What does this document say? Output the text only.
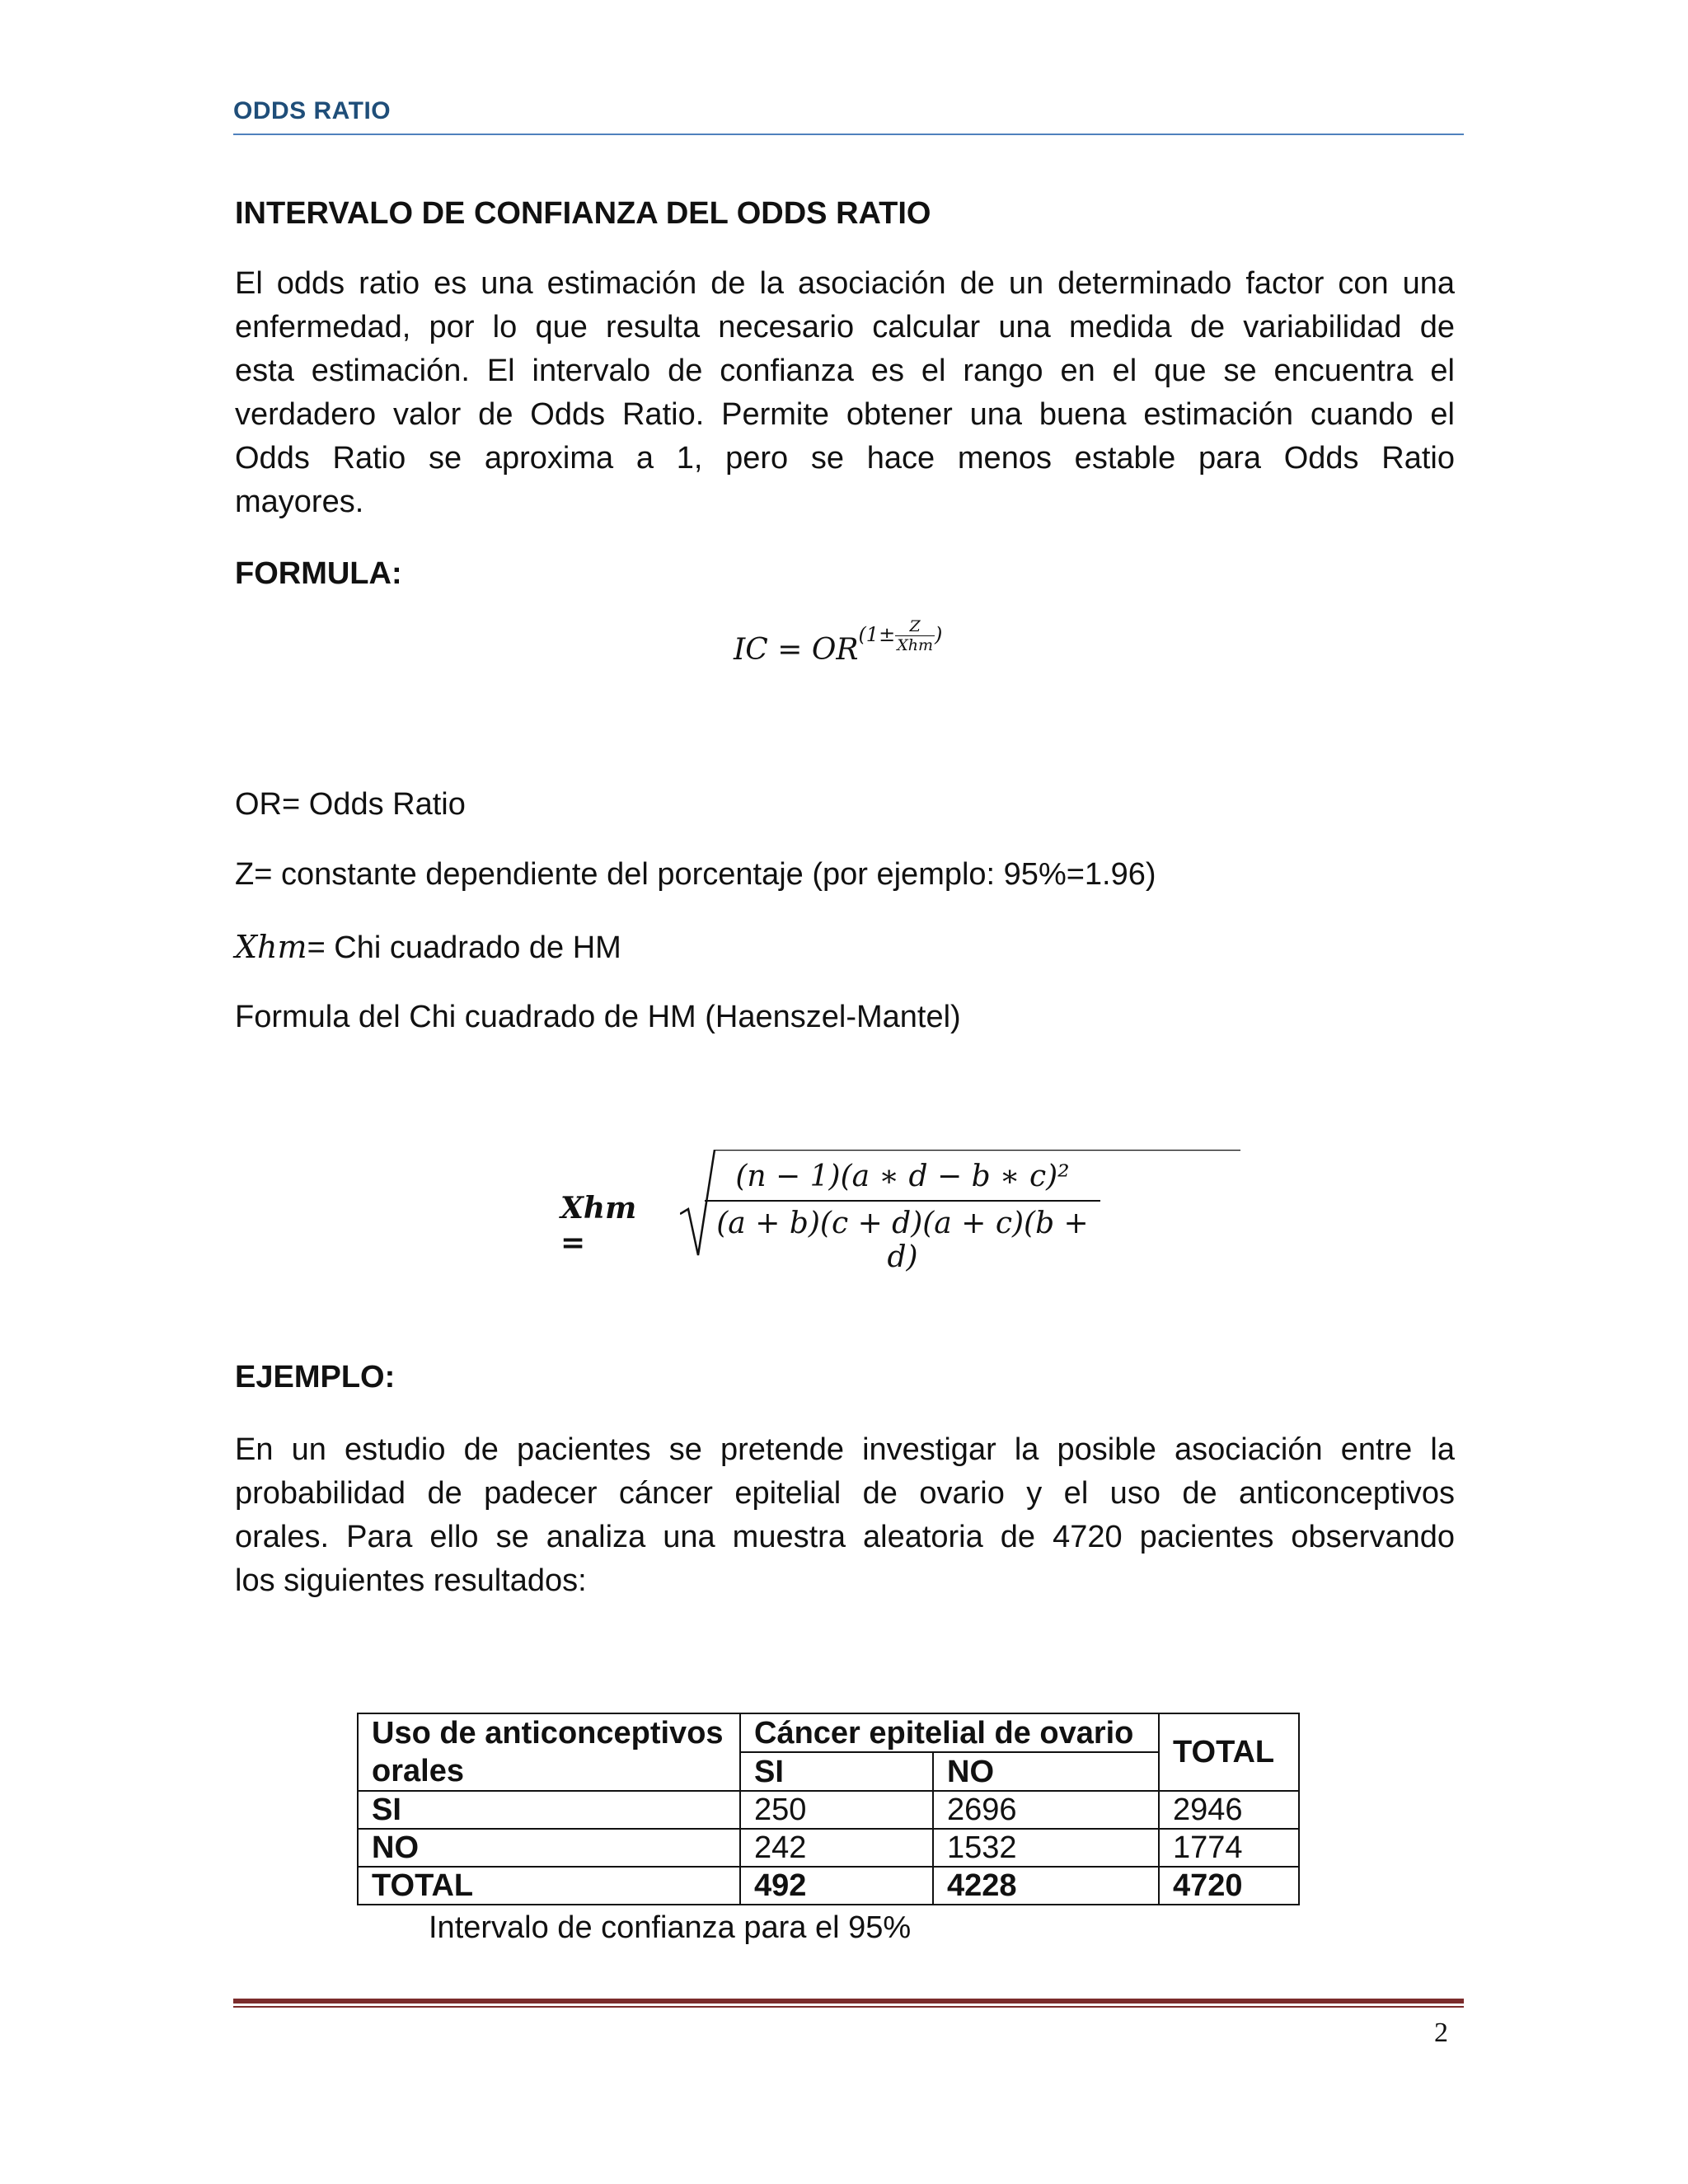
ODDS RATIO
INTERVALO DE CONFIANZA DEL ODDS RATIO
El odds ratio es una estimación de la asociación de un determinado factor con una
enfermedad, por lo que resulta necesario calcular una medida de variabilidad de
esta estimación. El intervalo de confianza es el rango en el que se encuentra el
verdadero valor de Odds Ratio. Permite obtener una buena estimación cuando el
Odds Ratio se aproxima a 1, pero se hace menos estable para Odds Ratio
mayores.
FORMULA:
IC = $OR^{(1\pm \frac{Z}{\text{Xhm}} )}$
OR= Odds Ratio
Z= constante dependiente del porcentaje (por ejemplo: 95%=1.96)
Xhm= Chi cuadrado de HM
Formula del Chi cuadrado de HM (Haenszel-Mantel)
Xhm =
(n − 1)(a ∗ d − b ∗ c)²
(a + b)(c + d)(a + c)(b + d)
EJEMPLO:
En un estudio de pacientes se pretende investigar la posible asociación entre la
probabilidad de padecer cáncer epitelial de ovario y el uso de anticonceptivos
orales. Para ello se analiza una muestra aleatoria de 4720 pacientes observando
los siguientes resultados:
Uso de anticonceptivos
orales	Cáncer epitelial de ovario		TOTAL
	SI	NO	
SI	250	2696	2946
NO	242	1532	1774
TOTAL	492	4228	4720
Intervalo de confianza para el 95%
2
